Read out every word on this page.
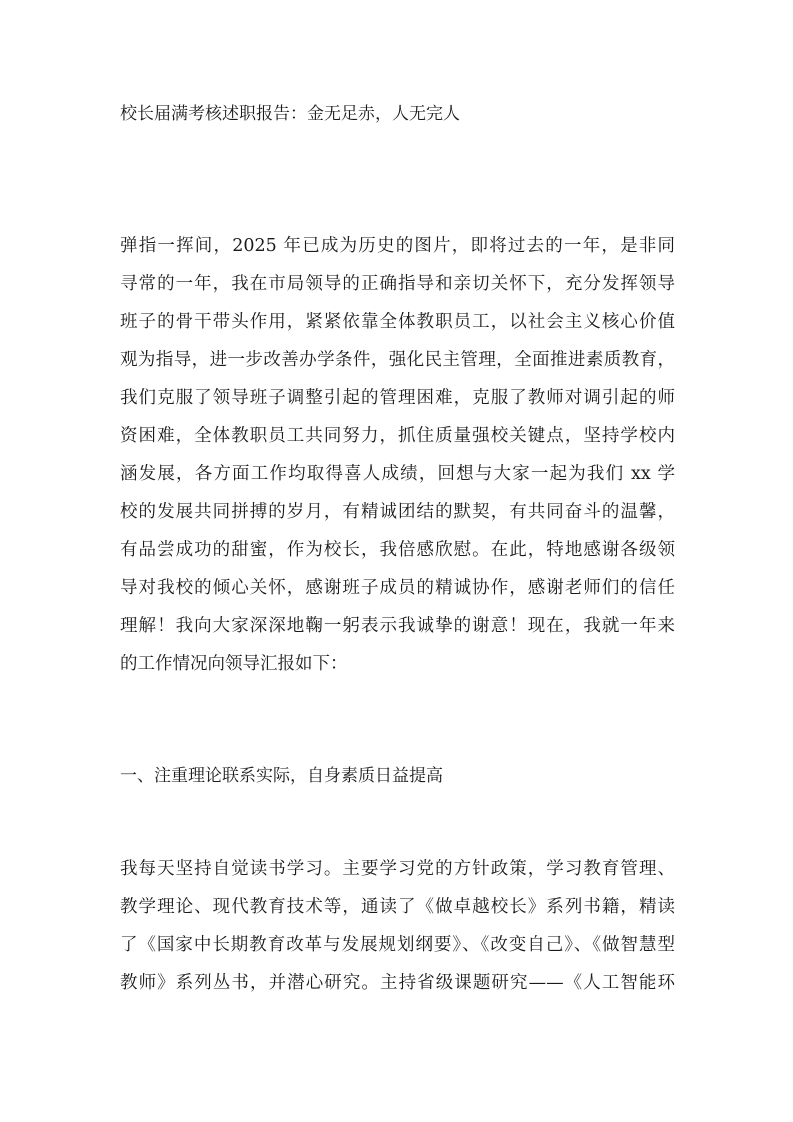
校长届满考核述职报告：金无足赤，人无完人
弹指一挥间，2025 年已成为历史的图片，即将过去的一年，是非同
寻常的一年，我在市局领导的正确指导和亲切关怀下，充分发挥领导
班子的骨干带头作用，紧紧依靠全体教职员工，以社会主义核心价值
观为指导，进一步改善办学条件，强化民主管理，全面推进素质教育，
我们克服了领导班子调整引起的管理困难，克服了教师对调引起的师
资困难，全体教职员工共同努力，抓住质量强校关键点，坚持学校内
涵发展，各方面工作均取得喜人成绩，回想与大家一起为我们 xx 学
校的发展共同拼搏的岁月，有精诚团结的默契，有共同奋斗的温馨，
有品尝成功的甜蜜，作为校长，我倍感欣慰。在此，特地感谢各级领
导对我校的倾心关怀，感谢班子成员的精诚协作，感谢老师们的信任
理解！我向大家深深地鞠一躬表示我诚挚的谢意！现在，我就一年来
的工作情况向领导汇报如下：
一、注重理论联系实际，自身素质日益提高
我每天坚持自觉读书学习。主要学习党的方针政策，学习教育管理、
教学理论、现代教育技术等，通读了《做卓越校长》系列书籍，精读
了《国家中长期教育改革与发展规划纲要》、《改变自己》、《做智慧型
教师》系列丛书，并潜心研究。主持省级课题研究——《人工智能环
